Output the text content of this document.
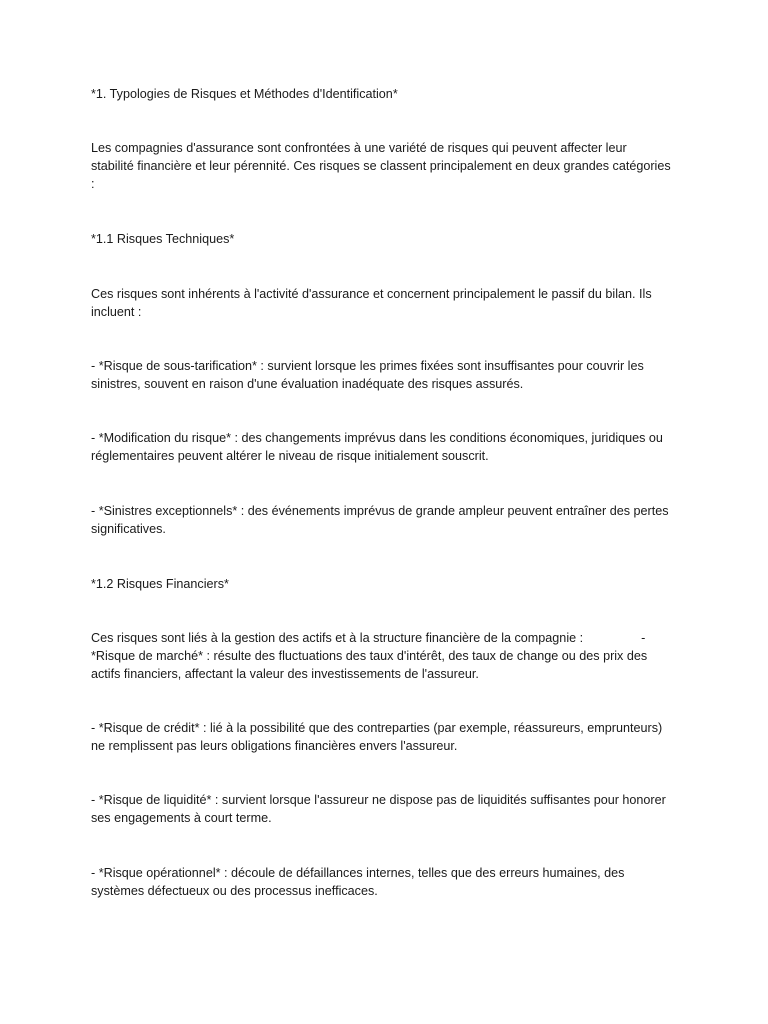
*1. Typologies de Risques et Méthodes d'Identification*

Les compagnies d'assurance sont confrontées à une variété de risques qui peuvent affecter leur stabilité financière et leur pérennité. Ces risques se classent principalement en deux grandes catégories :

*1.1 Risques Techniques*

Ces risques sont inhérents à l'activité d'assurance et concernent principalement le passif du bilan. Ils incluent :

- *Risque de sous-tarification* : survient lorsque les primes fixées sont insuffisantes pour couvrir les sinistres, souvent en raison d'une évaluation inadéquate des risques assurés.

- *Modification du risque* : des changements imprévus dans les conditions économiques, juridiques ou réglementaires peuvent altérer le niveau de risque initialement souscrit.

- *Sinistres exceptionnels* : des événements imprévus de grande ampleur peuvent entraîner des pertes significatives.

*1.2 Risques Financiers*

Ces risques sont liés à la gestion des actifs et à la structure financière de la compagnie :	-
*Risque de marché* : résulte des fluctuations des taux d'intérêt, des taux de change ou des prix des actifs financiers, affectant la valeur des investissements de l'assureur.

- *Risque de crédit* : lié à la possibilité que des contreparties (par exemple, réassureurs, emprunteurs) ne remplissent pas leurs obligations financières envers l'assureur.

- *Risque de liquidité* : survient lorsque l'assureur ne dispose pas de liquidités suffisantes pour honorer ses engagements à court terme.

- *Risque opérationnel* : découle de défaillances internes, telles que des erreurs humaines, des systèmes défectueux ou des processus inefficaces.
